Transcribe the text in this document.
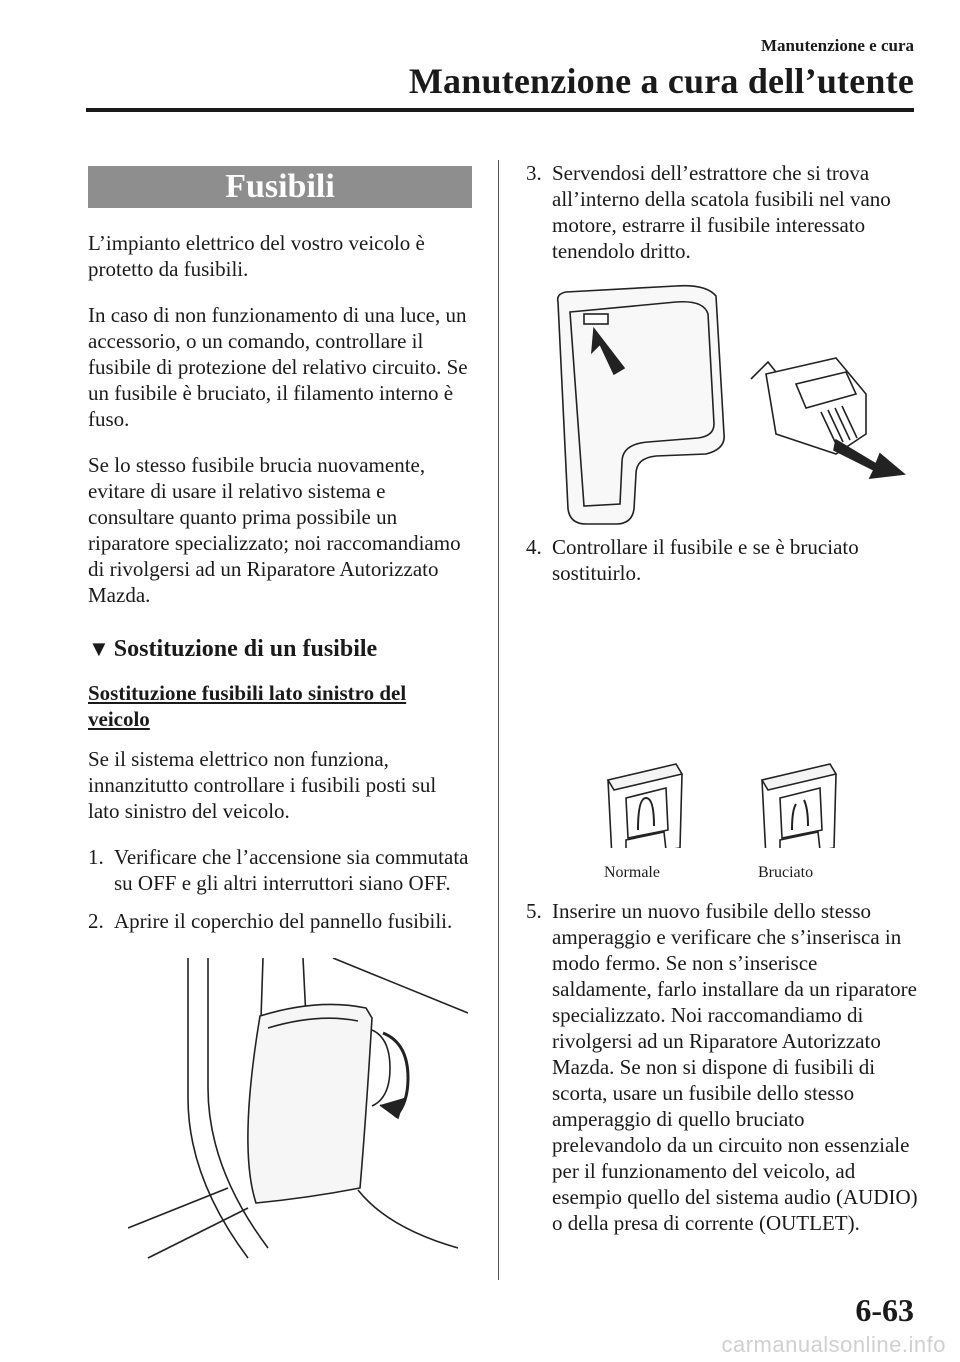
Manutenzione e cura
Manutenzione a cura dell’utente
Fusibili

L’impianto elettrico del vostro veicolo è protetto da fusibili.

In caso di non funzionamento di una luce, un accessorio, o un comando, controllare il fusibile di protezione del relativo circuito. Se un fusibile è bruciato, il filamento interno è fuso.

Se lo stesso fusibile brucia nuovamente, evitare di usare il relativo sistema e consultare quanto prima possibile un riparatore specializzato; noi raccomandiamo di rivolgersi ad un Riparatore Autorizzato Mazda.

▼ Sostituzione di un fusibile
Sostituzione fusibili lato sinistro del veicolo

Se il sistema elettrico non funziona, innanzitutto controllare i fusibili posti sul lato sinistro del veicolo.

1. Verificare che l’accensione sia commutata su OFF e gli altri interruttori siano OFF.
2. Aprire il coperchio del pannello fusibili.
3. Servendosi dell’estrattore che si trova all’interno della scatola fusibili nel vano motore, estrarre il fusibile interessato tenendolo dritto.
4. Controllare il fusibile e se è bruciato sostituirlo.
Normale	Bruciato
5. Inserire un nuovo fusibile dello stesso amperaggio e verificare che s’inserisca in modo fermo. Se non s’inserisce saldamente, farlo installare da un riparatore specializzato. Noi raccomandiamo di rivolgersi ad un Riparatore Autorizzato Mazda. Se non si dispone di fusibili di scorta, usare un fusibile dello stesso amperaggio di quello bruciato prelevandolo da un circuito non essenziale per il funzionamento del veicolo, ad esempio quello del sistema audio (AUDIO) o della presa di corrente (OUTLET).
6-63
carmanualsonline.info
